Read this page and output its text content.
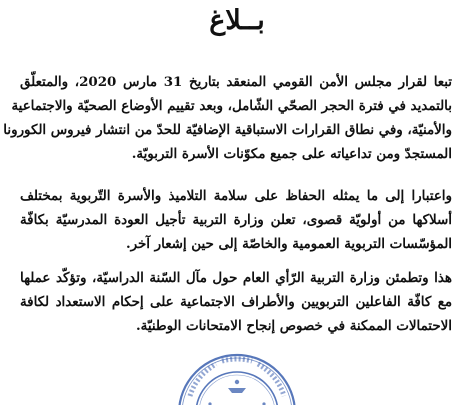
بــلاغ
تبعا لقرار مجلس الأمن القومي المنعقد بتاريخ 31 مارس 2020، والمتعلّق
بالتمديد في فترة الحجر الصحّي الشّامل، وبعد تقييم الأوضاع الصحيّة والاجتماعية
والأمنيّة، وفي نطاق القرارات الاستباقية الإضافيّة للحدّ من انتشار فيروس الكورونا
المستجدّ ومن تداعياته على جميع مكوّنات الأسرة التربويّة.
واعتبارا إلى ما يمثله الحفاظ على سلامة التلاميذ والأسرة التّربوية بمختلف
أسلاكها من أولويّة قصوى، تعلن وزارة التربية تأجيل العودة المدرسيّة بكافّة
المؤسّسات التربوية العمومية والخاصّة إلى حين إشعار آخر.
هذا وتطمئن وزارة التربية الرّأي العام حول مآل السّنة الدراسيّة، وتؤكّد عملها
مع كافّة الفاعلين التربويين والأطراف الاجتماعية على إحكام الاستعداد لكافة
الاحتمالات الممكنة في خصوص إنجاح الامتحانات الوطنيّة.
